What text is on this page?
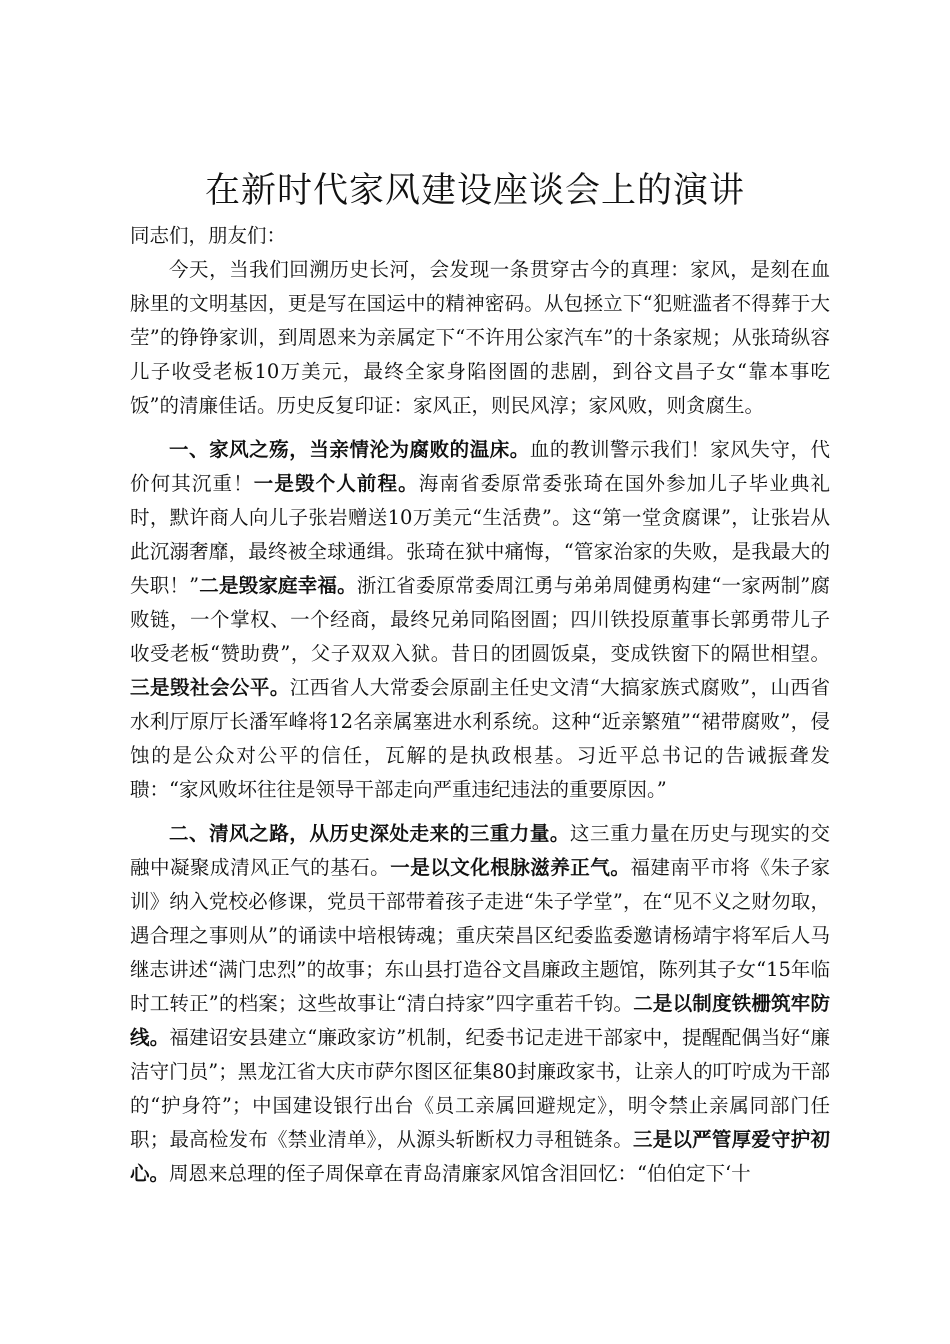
在新时代家风建设座谈会上的演讲

同志们，朋友们：

今天，当我们回溯历史长河，会发现一条贯穿古今的真理：家风，是刻在血脉里的文明基因，更是写在国运中的精神密码。从包拯立下“犯赃滥者不得葬于大茔”的铮铮家训，到周恩来为亲属定下“不许用公家汽车”的十条家规；从张琦纵容儿子收受老板10万美元，最终全家身陷囹圄的悲剧，到谷文昌子女“靠本事吃饭”的清廉佳话。历史反复印证：家风正，则民风淳；家风败，则贪腐生。

一、家风之殇，当亲情沦为腐败的温床。血的教训警示我们！家风失守，代价何其沉重！一是毁个人前程。海南省委原常委张琦在国外参加儿子毕业典礼时，默许商人向儿子张岩赠送10万美元“生活费”。这“第一堂贪腐课”，让张岩从此沉溺奢靡，最终被全球通缉。张琦在狱中痛悔，“管家治家的失败，是我最大的失职！”二是毁家庭幸福。浙江省委原常委周江勇与弟弟周健勇构建“一家两制”腐败链，一个掌权、一个经商，最终兄弟同陷囹圄；四川铁投原董事长郭勇带儿子收受老板“赞助费”，父子双双入狱。昔日的团圆饭桌，变成铁窗下的隔世相望。三是毁社会公平。江西省人大常委会原副主任史文清“大搞家族式腐败”，山西省水利厅原厅长潘军峰将12名亲属塞进水利系统。这种“近亲繁殖”“裙带腐败”，侵蚀的是公众对公平的信任，瓦解的是执政根基。习近平总书记的告诫振聋发聩：“家风败坏往往是领导干部走向严重违纪违法的重要原因。”

二、清风之路，从历史深处走来的三重力量。这三重力量在历史与现实的交融中凝聚成清风正气的基石。一是以文化根脉滋养正气。福建南平市将《朱子家训》纳入党校必修课，党员干部带着孩子走进“朱子学堂”，在“见不义之财勿取，遇合理之事则从”的诵读中培根铸魂；重庆荣昌区纪委监委邀请杨靖宇将军后人马继志讲述“满门忠烈”的故事；东山县打造谷文昌廉政主题馆，陈列其子女“15年临时工转正”的档案；这些故事让“清白持家”四字重若千钧。二是以制度铁栅筑牢防线。福建诏安县建立“廉政家访”机制，纪委书记走进干部家中，提醒配偶当好“廉洁守门员”；黑龙江省大庆市萨尔图区征集80封廉政家书，让亲人的叮咛成为干部的“护身符”；中国建设银行出台《员工亲属回避规定》，明令禁止亲属同部门任职；最高检发布《禁业清单》，从源头斩断权力寻租链条。三是以严管厚爱守护初心。周恩来总理的侄子周保章在青岛清廉家风馆含泪回忆：“伯伯定下‘十
